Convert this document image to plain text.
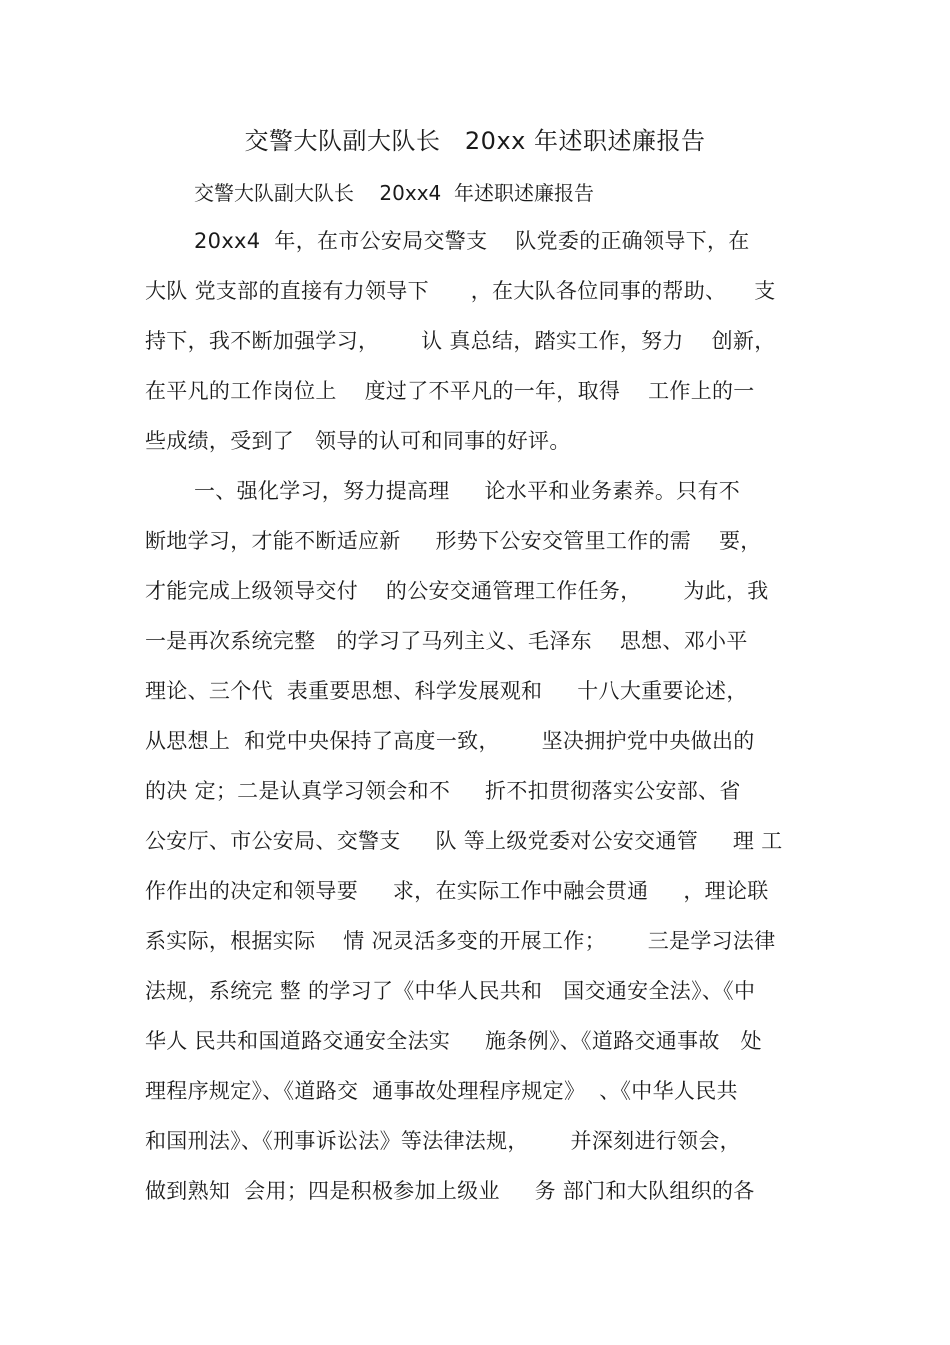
交警大队副大队长   20xx 年述职述廉报告
交警大队副大队长    20xx4  年述职述廉报告
20xx4  年，在市公安局交警支    队党委的正确领导下，在
大队 党支部的直接有力领导下      ，在大队各位同事的帮助、    支
持下，我不断加强学习，      认 真总结，踏实工作，努力    创新，
在平凡的工作岗位上    度过了不平凡的一年，取得    工作上的一
些成绩，受到了   领导的认可和同事的好评。
一、强化学习，努力提高理     论水平和业务素养。只有不
断地学习，才能不断适应新     形势下公安交管里工作的需    要，
才能完成上级领导交付    的公安交通管理工作任务，      为此，我
一是再次系统完整   的学习了马列主义、毛泽东    思想、邓小平
理论、三个代  表重要思想、科学发展观和     十八大重要论述，
从思想上  和党中央保持了高度一致，      坚决拥护党中央做出的
的决 定；二是认真学习领会和不     折不扣贯彻落实公安部、省
公安厅、市公安局、交警支     队 等上级党委对公安交通管     理 工
作作出的决定和领导要     求，在实际工作中融会贯通     ，理论联
系实际，根据实际    情 况灵活多变的开展工作；      三是学习法律
法规，系统完 整 的学习了《中华人民共和   国交通安全法》、《中
华人 民共和国道路交通安全法实     施条例》、《道路交通事故   处
理程序规定》、《道路交  通事故处理程序规定》  、《中华人民共
和国刑法》、《刑事诉讼法》等法律法规，      并深刻进行领会，
做到熟知  会用；四是积极参加上级业     务 部门和大队组织的各
